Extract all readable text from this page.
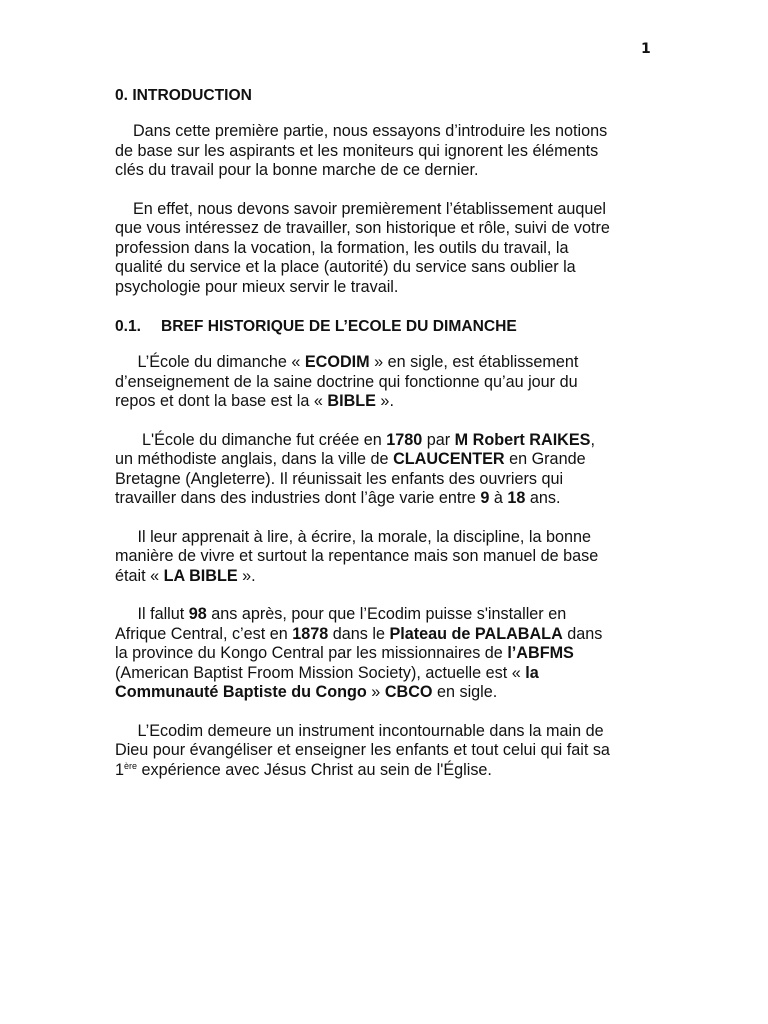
1
0. INTRODUCTION
Dans cette première partie, nous essayons d’introduire les notions
de base sur les aspirants et les moniteurs qui ignorent les éléments
clés du travail pour la bonne marche de ce dernier.
En effet, nous devons savoir premièrement l’établissement auquel
que vous intéressez de travailler, son historique et rôle, suivi de votre
profession dans la vocation, la formation, les outils du travail, la
qualité du service et la place (autorité) du service sans oublier la
psychologie pour mieux servir le travail.
0.1. BREF HISTORIQUE DE L’ECOLE DU DIMANCHE
L’École du dimanche « ECODIM » en sigle, est établissement
d’enseignement de la saine doctrine qui fonctionne qu’au jour du
repos et dont la base est la « BIBLE ».
L'École du dimanche fut créée en 1780 par M Robert RAIKES,
un méthodiste anglais, dans la ville de CLAUCENTER en Grande
Bretagne (Angleterre). Il réunissait les enfants des ouvriers qui
travailler dans des industries dont l’âge varie entre 9 à 18 ans.
Il leur apprenait à lire, à écrire, la morale, la discipline, la bonne
manière de vivre et surtout la repentance mais son manuel de base
était « LA BIBLE ».
Il fallut 98 ans après, pour que l’Ecodim puisse s'installer en
Afrique Central, c’est en 1878 dans le Plateau de PALABALA dans
la province du Kongo Central par les missionnaires de l’ABFMS
(American Baptist Froom Mission Society), actuelle est « la
Communauté Baptiste du Congo » CBCO en sigle.
L’Ecodim demeure un instrument incontournable dans la main de
Dieu pour évangéliser et enseigner les enfants et tout celui qui fait sa
1ère expérience avec Jésus Christ au sein de l'Église.
